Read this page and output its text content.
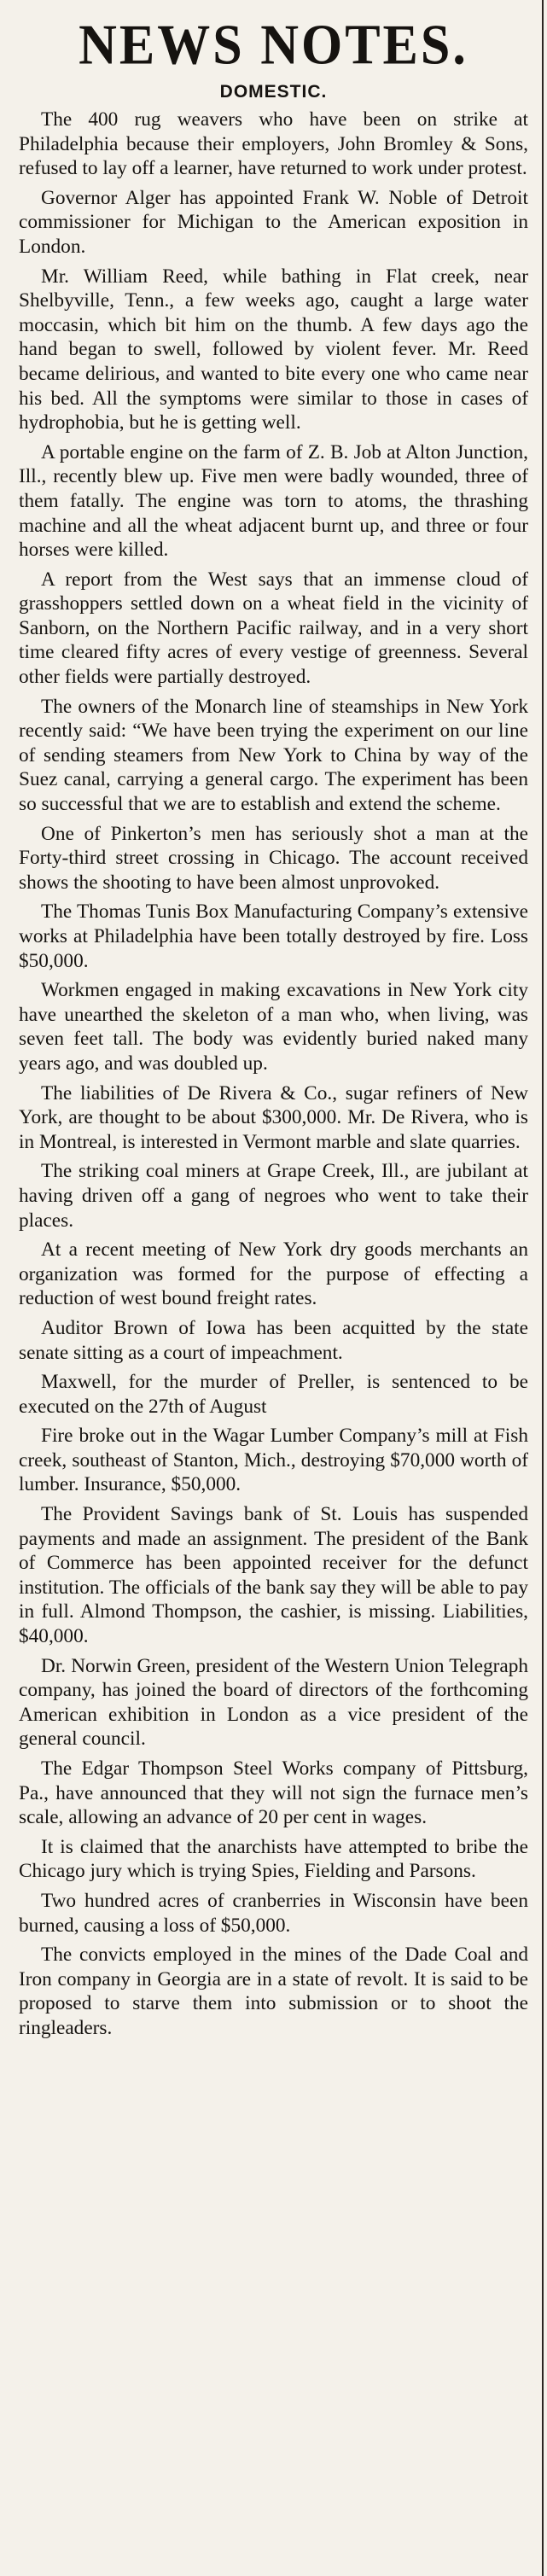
NEWS NOTES.
DOMESTIC.

The 400 rug weavers who have been on strike at Philadelphia because their employers, John Bromley & Sons, refused to lay off a learner, have returned to work under protest.

Governor Alger has appointed Frank W. Noble of Detroit commissioner for Michigan to the American exposition in London.

Mr. William Reed, while bathing in Flat creek, near Shelbyville, Tenn., a few weeks ago, caught a large water moccasin, which bit him on the thumb. A few days ago the hand began to swell, followed by violent fever. Mr. Reed became delirious, and wanted to bite every one who came near his bed. All the symptoms were similar to those in cases of hydrophobia, but he is getting well.

A portable engine on the farm of Z. B. Job at Alton Junction, Ill., recently blew up. Five men were badly wounded, three of them fatally. The engine was torn to atoms, the thrashing machine and all the wheat adjacent burnt up, and three or four horses were killed.

A report from the West says that an immense cloud of grasshoppers settled down on a wheat field in the vicinity of Sanborn, on the Northern Pacific railway, and in a very short time cleared fifty acres of every vestige of greenness. Several other fields were partially destroyed.

The owners of the Monarch line of steamships in New York recently said: “We have been trying the experiment on our line of sending steamers from New York to China by way of the Suez canal, carrying a general cargo. The experiment has been so successful that we are to establish and extend the scheme.

One of Pinkerton’s men has seriously shot a man at the Forty-third street crossing in Chicago. The account received shows the shooting to have been almost unprovoked.

The Thomas Tunis Box Manufacturing Company’s extensive works at Philadelphia have been totally destroyed by fire. Loss $50,000.

Workmen engaged in making excavations in New York city have unearthed the skeleton of a man who, when living, was seven feet tall. The body was evidently buried naked many years ago, and was doubled up.

The liabilities of De Rivera & Co., sugar refiners of New York, are thought to be about $300,000. Mr. De Rivera, who is in Montreal, is interested in Vermont marble and slate quarries.

The striking coal miners at Grape Creek, Ill., are jubilant at having driven off a gang of negroes who went to take their places.

At a recent meeting of New York dry goods merchants an organization was formed for the purpose of effecting a reduction of west bound freight rates.

Auditor Brown of Iowa has been acquitted by the state senate sitting as a court of impeachment.

Maxwell, for the murder of Preller, is sentenced to be executed on the 27th of August

Fire broke out in the Wagar Lumber Company’s mill at Fish creek, southeast of Stanton, Mich., destroying $70,000 worth of lumber. Insurance, $50,000.

The Provident Savings bank of St. Louis has suspended payments and made an assignment. The president of the Bank of Commerce has been appointed receiver for the defunct institution. The officials of the bank say they will be able to pay in full. Almond Thompson, the cashier, is missing. Liabilities, $40,000.

Dr. Norwin Green, president of the Western Union Telegraph company, has joined the board of directors of the forthcoming American exhibition in London as a vice president of the general council.

The Edgar Thompson Steel Works company of Pittsburg, Pa., have announced that they will not sign the furnace men’s scale, allowing an advance of 20 per cent in wages.

It is claimed that the anarchists have attempted to bribe the Chicago jury which is trying Spies, Fielding and Parsons.

Two hundred acres of cranberries in Wisconsin have been burned, causing a loss of $50,000.

The convicts employed in the mines of the Dade Coal and Iron company in Georgia are in a state of revolt. It is said to be proposed to starve them into submission or to shoot the ringleaders.
